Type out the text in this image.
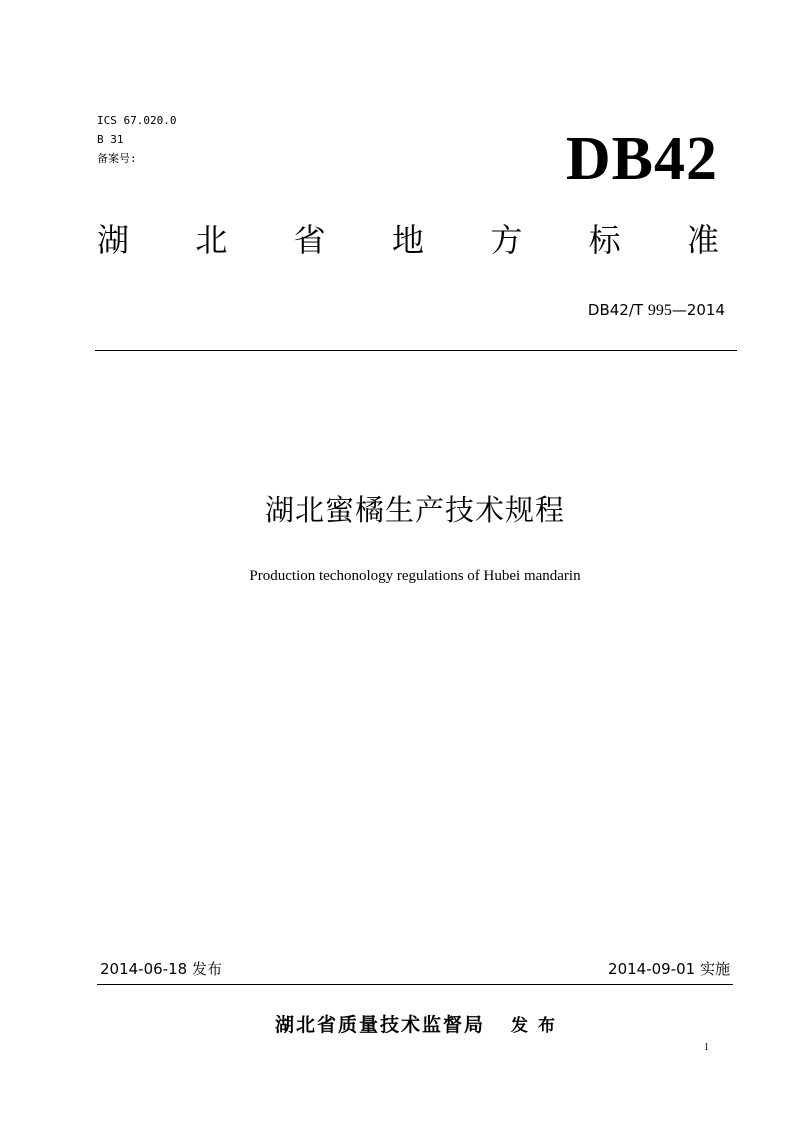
ICS 67.020.0
B 31
备案号:	DB42
湖 北 省 地 方 标 准
DB42/T 995—2014
湖北蜜橘生产技术规程
Production techonology regulations of Hubei mandarin
2014-06-18 发布	2014-09-01 实施
湖北省质量技术监督局 发布
1
